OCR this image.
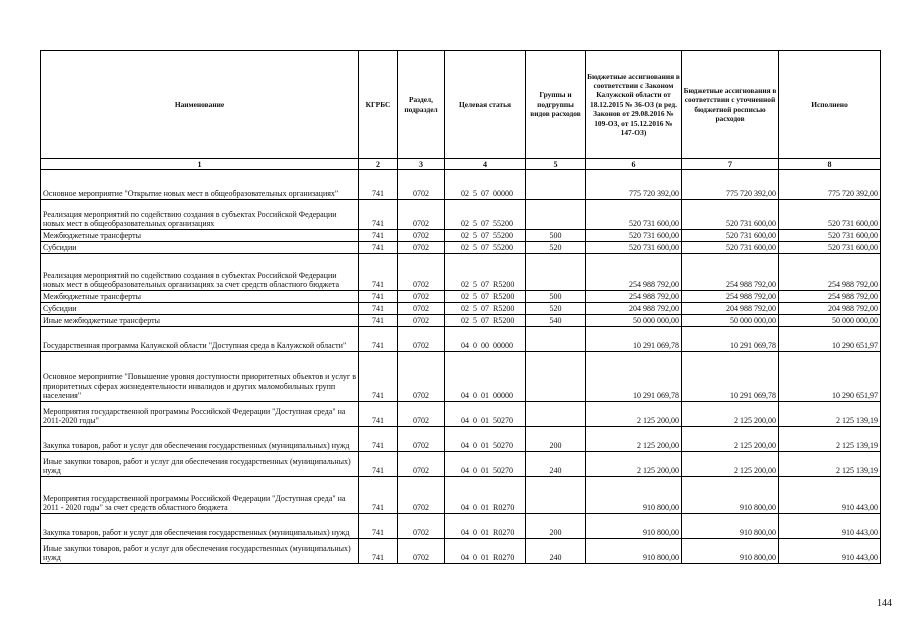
Наименование	КГРБС	Раздел, подраздел	Целевая статья	Группы и подгруппы видов расходов	Бюджетные ассигнования в соответствии с Законом Калужской области от 18.12.2015 № 36-ОЗ (в ред. Законов от 29.08.2016 № 109-ОЗ, от 15.12.2016 № 147-ОЗ)	Бюджетные ассигнования в соответствии с уточненной бюджетной росписью расходов	Исполнено
1	2	3	4	5	6	7	8
Основное мероприятие "Открытие новых мест в общеобразовательных организациях"	741	0702	02  5  07  00000		775 720 392,00	775 720 392,00	775 720 392,00
Реализация мероприятий по содействию создания в субъектах Российской Федерации новых мест в общеобразовательных организациях	741	0702	02  5  07  55200		520 731 600,00	520 731 600,00	520 731 600,00
Межбюджетные трансферты	741	0702	02  5  07  55200	500	520 731 600,00	520 731 600,00	520 731 600,00
Субсидии	741	0702	02  5  07  55200	520	520 731 600,00	520 731 600,00	520 731 600,00
Реализация мероприятий по содействию создания в субъектах Российской Федерации новых мест в общеобразовательных организациях за счет средств областного бюджета	741	0702	02  5  07  R5200		254 988 792,00	254 988 792,00	254 988 792,00
Межбюджетные трансферты	741	0702	02  5  07  R5200	500	254 988 792,00	254 988 792,00	254 988 792,00
Субсидии	741	0702	02  5  07  R5200	520	204 988 792,00	204 988 792,00	204 988 792,00
Иные межбюджетные трансферты	741	0702	02  5  07  R5200	540	50 000 000,00	50 000 000,00	50 000 000,00
Государственная программа Калужской области "Доступная среда в Калужской области"	741	0702	04  0  00  00000		10 291 069,78	10 291 069,78	10 290 651,97
Основное мероприятие "Повышение уровня доступности приоритетных объектов и услуг в приоритетных сферах жизнедеятельности инвалидов и других маломобильных групп населения"	741	0702	04  0  01  00000		10 291 069,78	10 291 069,78	10 290 651,97
Мероприятия государственной программы Российской Федерации "Доступная среда" на 2011-2020 годы"	741	0702	04  0  01  50270		2 125 200,00	2 125 200,00	2 125 139,19
Закупка товаров, работ и услуг для обеспечения государственных (муниципальных) нужд	741	0702	04  0  01  50270	200	2 125 200,00	2 125 200,00	2 125 139,19
Иные закупки товаров, работ и услуг для обеспечения государственных (муниципальных) нужд	741	0702	04  0  01  50270	240	2 125 200,00	2 125 200,00	2 125 139,19
Мероприятия государственной программы Российской Федерации "Доступная среда" на 2011 - 2020 годы" за счет средств областного бюджета	741	0702	04  0  01  R0270		910 800,00	910 800,00	910 443,00
Закупка товаров, работ и услуг для обеспечения государственных (муниципальных) нужд	741	0702	04  0  01  R0270	200	910 800,00	910 800,00	910 443,00
Иные закупки товаров, работ и услуг для обеспечения государственных (муниципальных) нужд	741	0702	04  0  01  R0270	240	910 800,00	910 800,00	910 443,00
144
